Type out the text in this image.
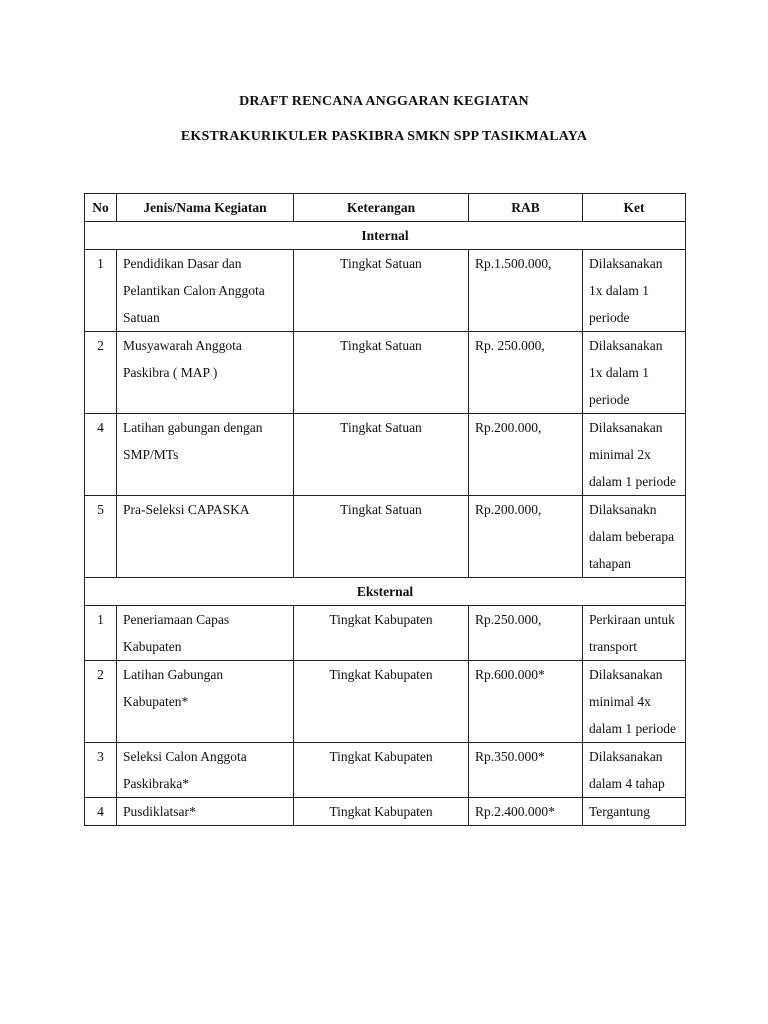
DRAFT RENCANA ANGGARAN KEGIATAN
EKSTRAKURIKULER PASKIBRA SMKN SPP TASIKMALAYA
No	Jenis/Nama Kegiatan	Keterangan	RAB	Ket
Internal				
1	Pendidikan Dasar dan Pelantikan Calon Anggota Satuan	Tingkat Satuan	Rp.1.500.000,	Dilaksanakan 1x dalam 1 periode
2	Musyawarah Anggota Paskibra ( MAP )	Tingkat Satuan	Rp. 250.000,	Dilaksanakan 1x dalam 1 periode
4	Latihan gabungan dengan SMP/MTs	Tingkat Satuan	Rp.200.000,	Dilaksanakan minimal 2x dalam 1 periode
5	Pra-Seleksi CAPASKA	Tingkat Satuan	Rp.200.000,	Dilaksanakn dalam beberapa tahapan
Eksternal				
1	Peneriamaan Capas Kabupaten	Tingkat Kabupaten	Rp.250.000,	Perkiraan untuk transport
2	Latihan Gabungan Kabupaten*	Tingkat Kabupaten	Rp.600.000*	Dilaksanakan minimal 4x dalam 1 periode
3	Seleksi Calon Anggota Paskibraka*	Tingkat Kabupaten	Rp.350.000*	Dilaksanakan dalam 4 tahap
4	Pusdiklatsar*	Tingkat Kabupaten	Rp.2.400.000*	Tergantung
